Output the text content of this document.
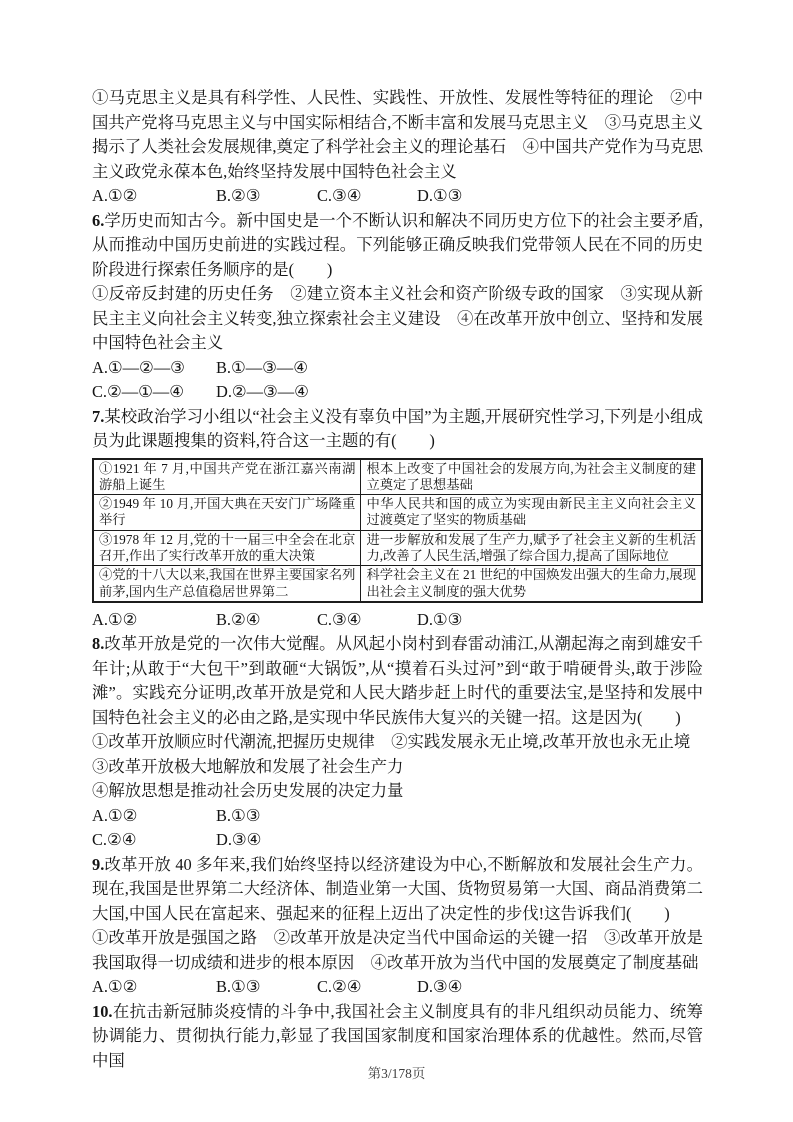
①马克思主义是具有科学性、人民性、实践性、开放性、发展性等特征的理论　②中国共产党将马克思主义与中国实际相结合,不断丰富和发展马克思主义　③马克思主义揭示了人类社会发展规律,奠定了科学社会主义的理论基石　④中国共产党作为马克思主义政党永葆本色,始终坚持发展中国特色社会主义

A.①②	B.②③	C.③④	D.①③

6.学历史而知古今。新中国史是一个不断认识和解决不同历史方位下的社会主要矛盾,从而推动中国历史前进的实践过程。下列能够正确反映我们党带领人民在不同的历史阶段进行探索任务顺序的是(　　)

①反帝反封建的历史任务　②建立资本主义社会和资产阶级专政的国家　③实现从新民主主义向社会主义转变,独立探索社会主义建设　④在改革开放中创立、坚持和发展中国特色社会主义

A.①—②—③	B.①—③—④
C.②—①—④	D.②—③—④

7.某校政治学习小组以“社会主义没有辜负中国”为主题,开展研究性学习,下列是小组成员为此课题搜集的资料,符合这一主题的有(　　)

①1921 年 7 月,中国共产党在浙江嘉兴南湖游船上诞生	根本上改变了中国社会的发展方向,为社会主义制度的建立奠定了思想基础
②1949 年 10 月,开国大典在天安门广场隆重举行	中华人民共和国的成立为实现由新民主主义向社会主义过渡奠定了坚实的物质基础
③1978 年 12 月,党的十一届三中全会在北京召开,作出了实行改革开放的重大决策	进一步解放和发展了生产力,赋予了社会主义新的生机活力,改善了人民生活,增强了综合国力,提高了国际地位
④党的十八大以来,我国在世界主要国家名列前茅,国内生产总值稳居世界第二	科学社会主义在 21 世纪的中国焕发出强大的生命力,展现出社会主义制度的强大优势
A.①②	B.②④	C.③④	D.①③

8.改革开放是党的一次伟大觉醒。从风起小岗村到春雷动浦江,从潮起海之南到雄安千年计;从敢于“大包干”到敢砸“大锅饭”,从“摸着石头过河”到“敢于啃硬骨头,敢于涉险滩”。实践充分证明,改革开放是党和人民大踏步赶上时代的重要法宝,是坚持和发展中国特色社会主义的必由之路,是实现中华民族伟大复兴的关键一招。这是因为(　　)

①改革开放顺应时代潮流,把握历史规律　②实践发展永无止境,改革开放也永无止境

③改革开放极大地解放和发展了社会生产力

④解放思想是推动社会历史发展的决定力量

A.①②	B.①③
C.②④	D.③④

9.改革开放 40 多年来,我们始终坚持以经济建设为中心,不断解放和发展社会生产力。现在,我国是世界第二大经济体、制造业第一大国、货物贸易第一大国、商品消费第二大国,中国人民在富起来、强起来的征程上迈出了决定性的步伐!这告诉我们(　　)

①改革开放是强国之路　②改革开放是决定当代中国命运的关键一招　③改革开放是我国取得一切成绩和进步的根本原因　④改革开放为当代中国的发展奠定了制度基础

A.①②	B.①③	C.②④	D.③④

10.在抗击新冠肺炎疫情的斗争中,我国社会主义制度具有的非凡组织动员能力、统筹协调能力、贯彻执行能力,彰显了我国国家制度和国家治理体系的优越性。然而,尽管中国

第3/178页
